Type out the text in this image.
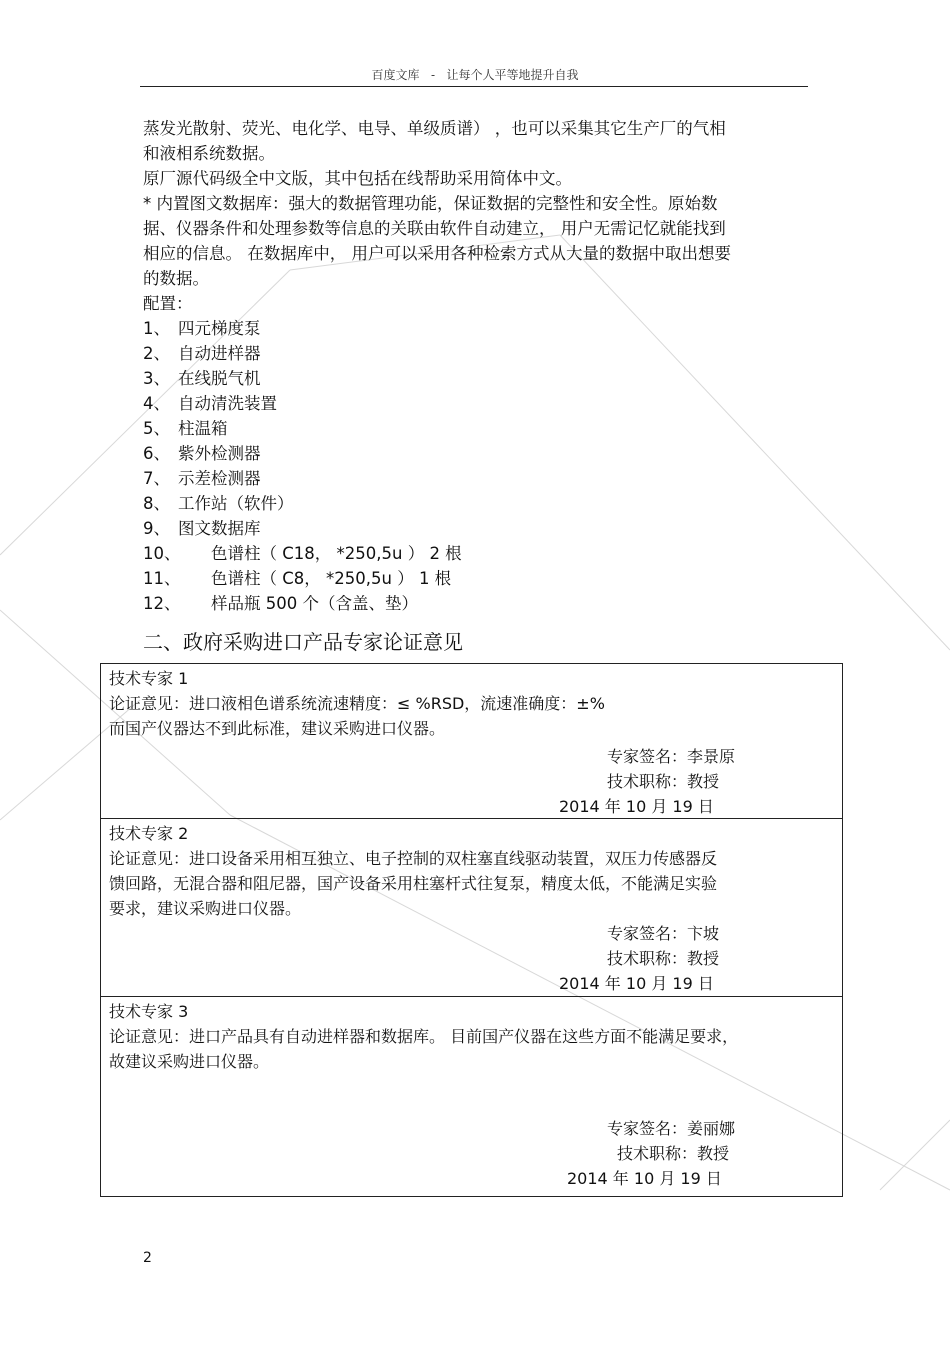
百度文库   -   让每个人平等地提升自我
蒸发光散射、荧光、电化学、电导、单级质谱） ，也可以采集其它生产厂的气相
和液相系统数据。
原厂源代码级全中文版，其中包括在线帮助采用简体中文。
* 内置图文数据库：强大的数据管理功能，保证数据的完整性和安全性。原始数
据、仪器条件和处理参数等信息的关联由软件自动建立， 用户无需记忆就能找到
相应的信息。 在数据库中， 用户可以采用各种检索方式从大量的数据中取出想要
的数据。
配置：
1、 四元梯度泵
2、 自动进样器
3、 在线脱气机
4、 自动清洗装置
5、 柱温箱
6、 紫外检测器
7、 示差检测器
8、 工作站（软件）
9、 图文数据库
10、	色谱柱（ C18， *250,5u ） 2 根
11、	色谱柱（ C8， *250,5u ） 1 根
12、	样品瓶 500 个（含盖、垫）
二、政府采购进口产品专家论证意见
技术专家 1
论证意见：进口液相色谱系统流速精度：≤ %RSD，流速准确度：±%
而国产仪器达不到此标准，建议采购进口仪器。
专家签名：李景原
技术职称：教授
2014 年 10 月 19 日
技术专家 2
论证意见：进口设备采用相互独立、电子控制的双柱塞直线驱动装置，双压力传感器反
馈回路，无混合器和阻尼器，国产设备采用柱塞杆式往复泵，精度太低，不能满足实验
要求，建议采购进口仪器。
专家签名：卞坡
技术职称：教授
2014 年 10 月 19 日
技术专家 3
论证意见：进口产品具有自动进样器和数据库。 目前国产仪器在这些方面不能满足要求，
故建议采购进口仪器。
专家签名：姜丽娜
技术职称：教授
2014 年 10 月 19 日
2
